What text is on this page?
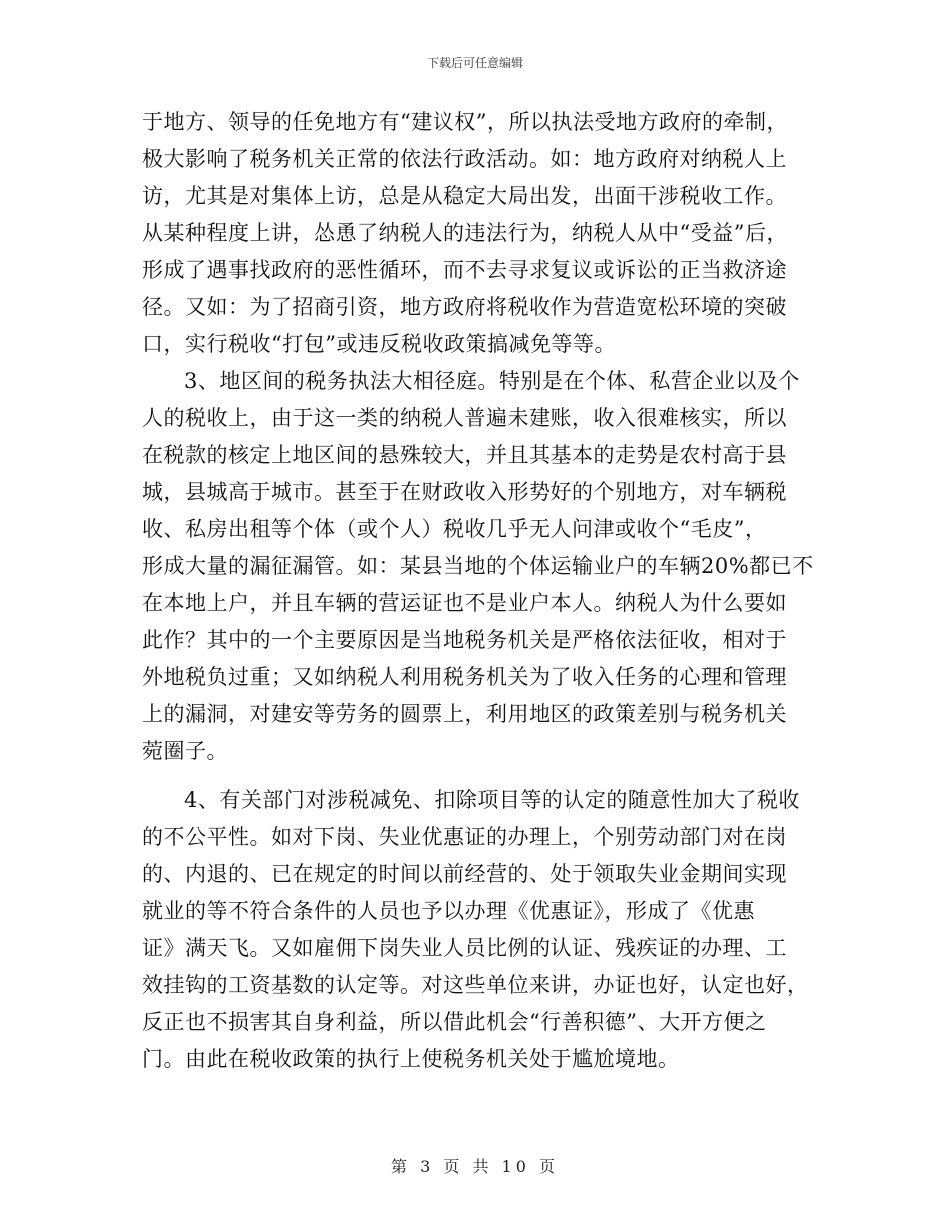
下载后可任意编辑
于地方、领导的任免地方有“建议权”，所以执法受地方政府的牵制，
极大影响了税务机关正常的依法行政活动。如：地方政府对纳税人上
访，尤其是对集体上访，总是从稳定大局出发，出面干涉税收工作。
从某种程度上讲，怂恿了纳税人的违法行为，纳税人从中“受益”后，
形成了遇事找政府的恶性循环，而不去寻求复议或诉讼的正当救济途
径。又如：为了招商引资，地方政府将税收作为营造宽松环境的突破
口，实行税收“打包”或违反税收政策搞减免等等。
3、地区间的税务执法大相径庭。特别是在个体、私营企业以及个
人的税收上，由于这一类的纳税人普遍未建账，收入很难核实，所以
在税款的核定上地区间的悬殊较大，并且其基本的走势是农村高于县
城，县城高于城市。甚至于在财政收入形势好的个别地方，对车辆税
收、私房出租等个体（或个人）税收几乎无人问津或收个“毛皮”，
形成大量的漏征漏管。如：某县当地的个体运输业户的车辆20%都已不
在本地上户，并且车辆的营运证也不是业户本人。纳税人为什么要如
此作？其中的一个主要原因是当地税务机关是严格依法征收，相对于
外地税负过重；又如纳税人利用税务机关为了收入任务的心理和管理
上的漏洞，对建安等劳务的圆票上，利用地区的政策差别与税务机关
菀圈子。
4、有关部门对涉税减免、扣除项目等的认定的随意性加大了税收
的不公平性。如对下岗、失业优惠证的办理上，个别劳动部门对在岗
的、内退的、已在规定的时间以前经营的、处于领取失业金期间实现
就业的等不符合条件的人员也予以办理《优惠证》，形成了《优惠
证》满天飞。又如雇佣下岗失业人员比例的认证、残疾证的办理、工
效挂钩的工资基数的认定等。对这些单位来讲，办证也好，认定也好，
反正也不损害其自身利益，所以借此机会“行善积德”、大开方便之
门。由此在税收政策的执行上使税务机关处于尴尬境地。
第 3 页 共 10 页
